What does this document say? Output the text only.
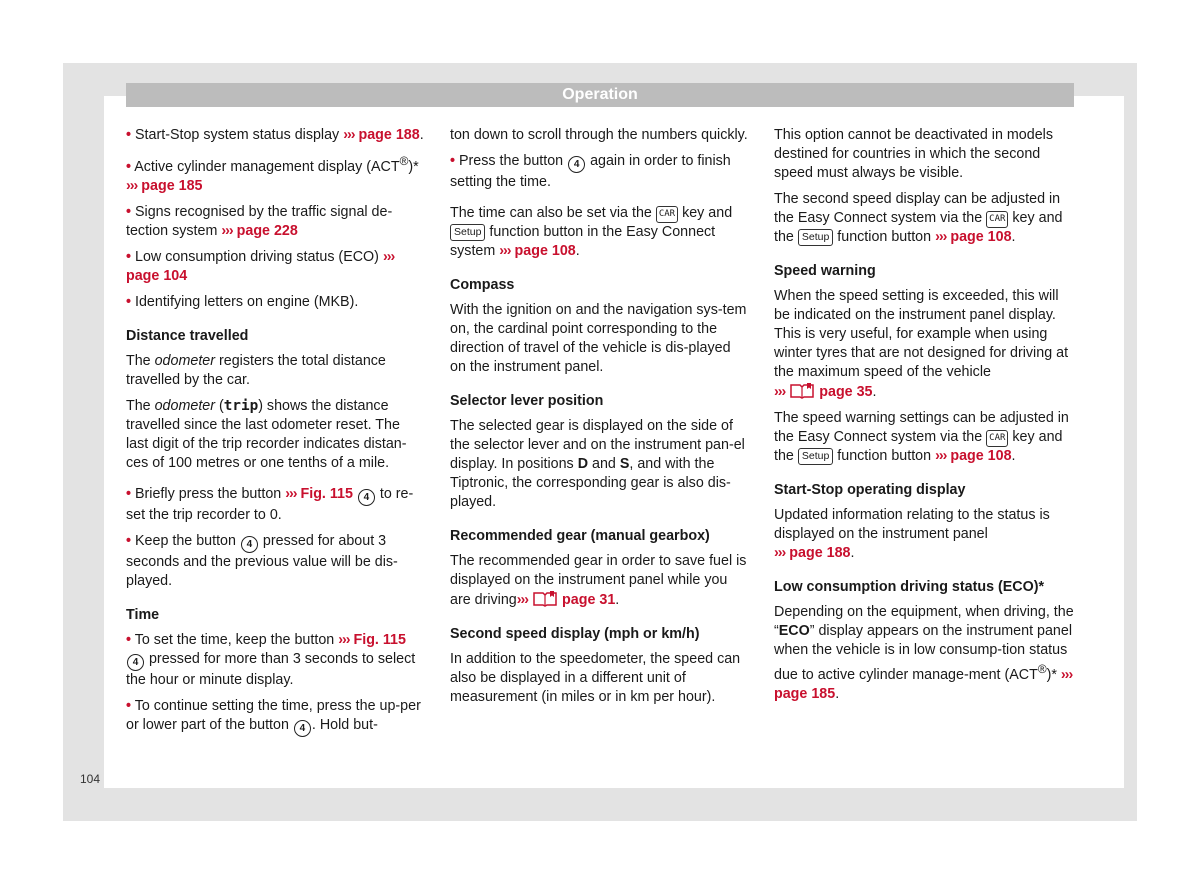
Operation

• Start-Stop system status display ››› page 188.

• Active cylinder management display (ACT®)* ››› page 185

• Signs recognised by the traffic signal de-tection system ››› page 228

• Low consumption driving status (ECO) ››› page 104

• Identifying letters on engine (MKB).

Distance travelled

The odometer registers the total distance travelled by the car.

The odometer (trip) shows the distance travelled since the last odometer reset. The last digit of the trip recorder indicates distan-ces of 100 metres or one tenths of a mile.

• Briefly press the button ››› Fig. 115 4 to re-set the trip recorder to 0.

• Keep the button 4 pressed for about 3 seconds and the previous value will be dis-played.

Time

• To set the time, keep the button ››› Fig. 115 4 pressed for more than 3 seconds to select the hour or minute display.

• To continue setting the time, press the up-per or lower part of the button 4 . Hold but-

ton down to scroll through the numbers quickly.

• Press the button 4 again in order to finish setting the time.

The time can also be set via the CAR key and Setup function button in the Easy Connect system ››› page 108.

Compass

With the ignition on and the navigation sys-tem on, the cardinal point corresponding to the direction of travel of the vehicle is dis-played on the instrument panel.

Selector lever position

The selected gear is displayed on the side of the selector lever and on the instrument pan-el display. In positions D and S, and with the Tiptronic, the corresponding gear is also dis-played.

Recommended gear (manual gearbox)

The recommended gear in order to save fuel is displayed on the instrument panel while you are driving››› page 31.

Second speed display (mph or km/h)

In addition to the speedometer, the speed can also be displayed in a different unit of measurement (in miles or in km per hour).

This option cannot be deactivated in models destined for countries in which the second speed must always be visible.

The second speed display can be adjusted in the Easy Connect system via the CAR key and the Setup function button ››› page 108.

Speed warning

When the speed setting is exceeded, this will be indicated on the instrument panel display. This is very useful, for example when using winter tyres that are not designed for driving at the maximum speed of the vehicle
››› page 35.

The speed warning settings can be adjusted in the Easy Connect system via the CAR key and the Setup function button ››› page 108.

Start-Stop operating display

Updated information relating to the status is displayed on the instrument panel
››› page 188.

Low consumption driving status (ECO)*

Depending on the equipment, when driving, the “ECO” display appears on the instrument panel when the vehicle is in low consump-tion status due to active cylinder manage-ment (ACT®)* ››› page 185.

104
